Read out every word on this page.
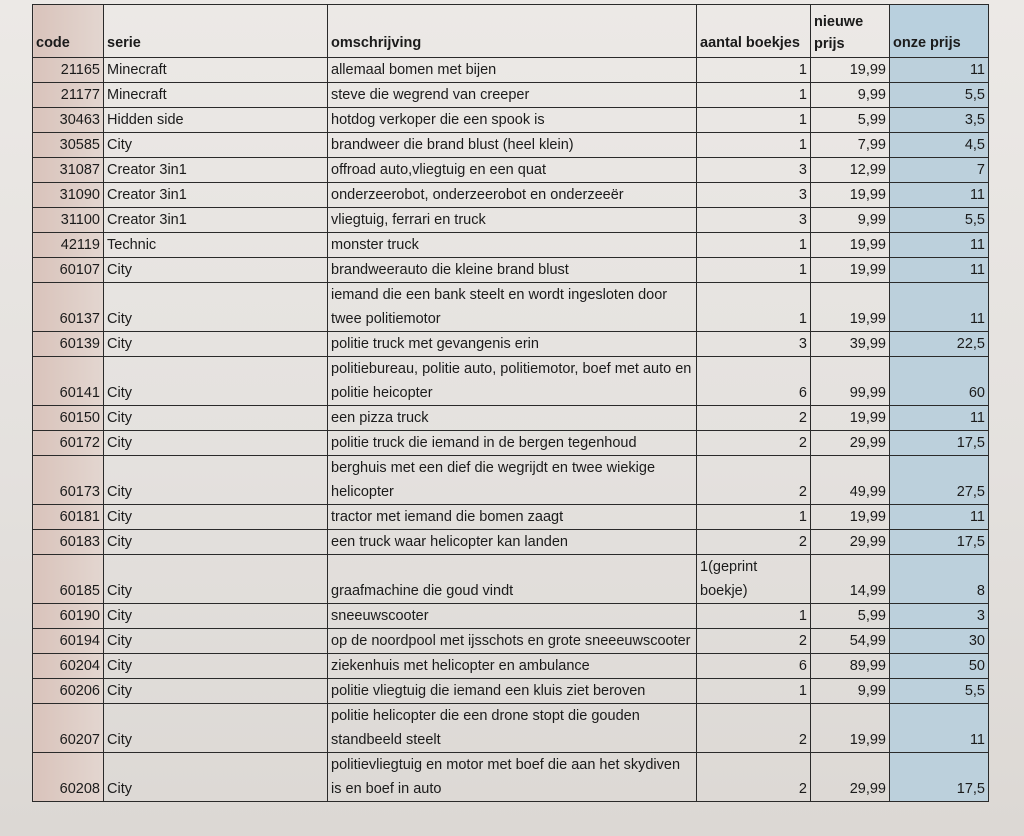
code	serie	omschrijving	aantal boekjes	nieuwe prijs	onze prijs
21165	Minecraft	allemaal bomen met bijen	1	19,99	11
21177	Minecraft	steve die wegrend van creeper	1	9,99	5,5
30463	Hidden side	hotdog verkoper die een spook is	1	5,99	3,5
30585	City	brandweer die brand blust (heel klein)	1	7,99	4,5
31087	Creator 3in1	offroad auto,vliegtuig en een quat	3	12,99	7
31090	Creator 3in1	onderzeerobot, onderzeerobot en onderzeeër	3	19,99	11
31100	Creator 3in1	vliegtuig, ferrari en truck	3	9,99	5,5
42119	Technic	monster truck	1	19,99	11
60107	City	brandweerauto die kleine brand blust	1	19,99	11
60137	City	iemand die een bank steelt en wordt ingesloten door twee politiemotor	1	19,99	11
60139	City	politie truck met gevangenis erin	3	39,99	22,5
60141	City	politiebureau, politie auto, politiemotor, boef met auto en politie heicopter	6	99,99	60
60150	City	een pizza truck	2	19,99	11
60172	City	politie truck die iemand in de bergen tegenhoud	2	29,99	17,5
60173	City	berghuis met een dief die wegrijdt en twee wiekige helicopter	2	49,99	27,5
60181	City	tractor met iemand die bomen zaagt	1	19,99	11
60183	City	een truck waar helicopter kan landen	2	29,99	17,5
60185	City	graafmachine die goud vindt	1(geprint boekje)	14,99	8
60190	City	sneeuwscooter	1	5,99	3
60194	City	op de noordpool met ijsschots en grote sneeeuwscooter	2	54,99	30
60204	City	ziekenhuis met helicopter en ambulance	6	89,99	50
60206	City	politie vliegtuig die iemand een kluis ziet beroven	1	9,99	5,5
60207	City	politie helicopter die een drone stopt die gouden standbeeld steelt	2	19,99	11
60208	City	politievliegtuig en motor met boef die aan het skydiven is en boef in auto	2	29,99	17,5
